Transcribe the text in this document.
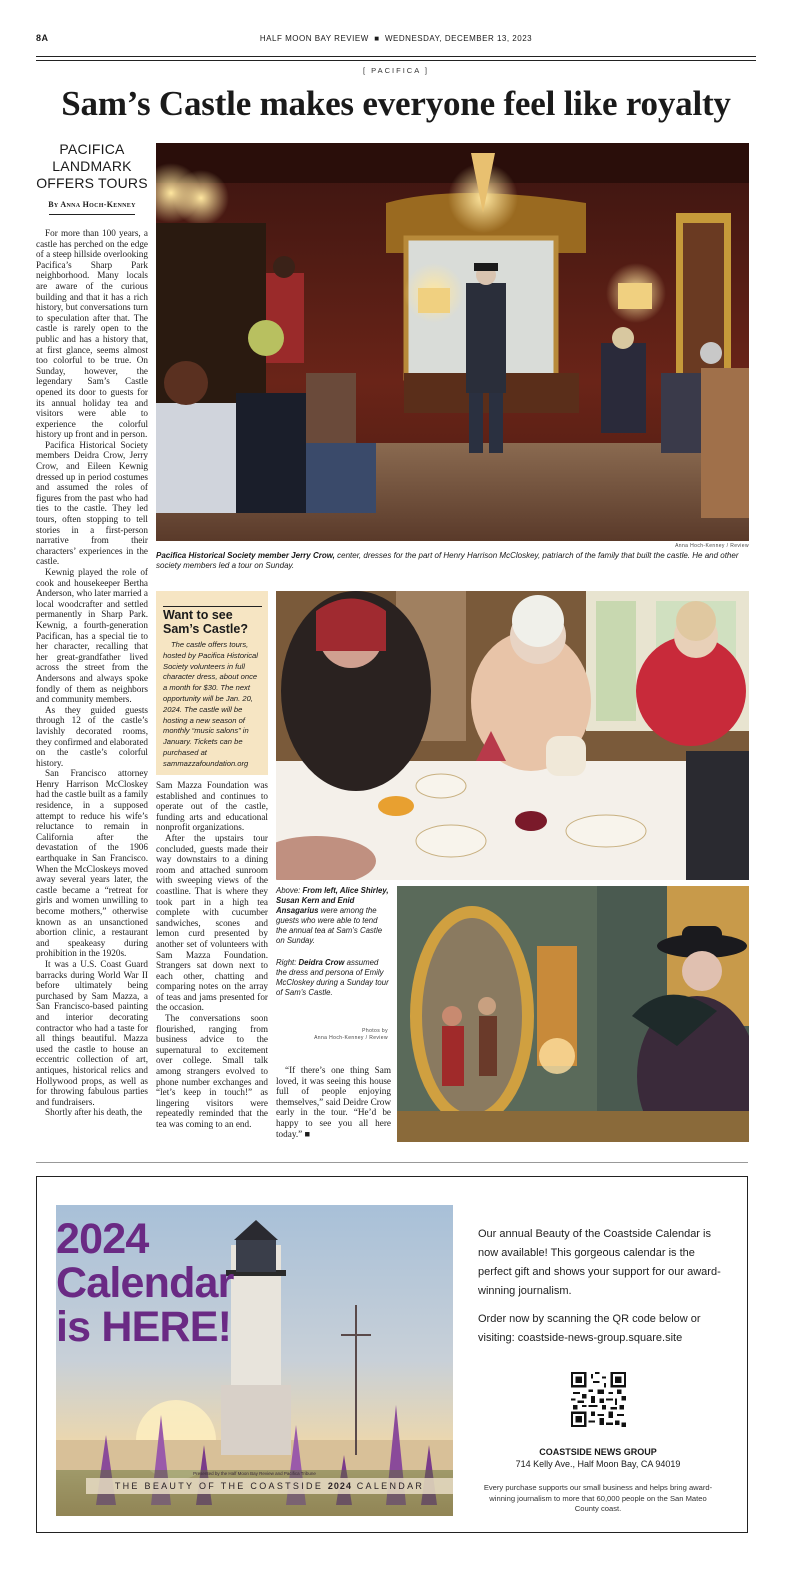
8A	HALF MOON BAY REVIEW  ■  WEDNESDAY, DECEMBER 13, 2023
[ PACIFICA ]
Sam’s Castle makes everyone feel like royalty
PACIFICA LANDMARK OFFERS TOURS
By Anna Hoch-Kenney

For more than 100 years, a castle has perched on the edge of a steep hillside overlooking Pacifica’s Sharp Park neighborhood. Many locals are aware of the curious building and that it has a rich history, but conversations turn to speculation after that. The castle is rarely open to the public and has a history that, at first glance, seems almost too colorful to be true. On Sunday, however, the legendary Sam’s Castle opened its door to guests for its annual holiday tea and visitors were able to experience the colorful history up front and in person.

Pacifica Historical Society members Deidra Crow, Jerry Crow, and Eileen Kewnig dressed up in period costumes and assumed the roles of figures from the past who had ties to the castle. They led tours, often stopping to tell stories in a first-person narrative from their characters’ experiences in the castle.

Kewnig played the role of cook and housekeeper Bertha Anderson, who later married a local woodcrafter and settled permanently in Sharp Park. Kewnig, a fourth-generation Pacifican, has a special tie to her character, recalling that her great-grandfather lived across the street from the Andersons and always spoke fondly of them as neighbors and community members.

As they guided guests through 12 of the castle’s lavishly decorated rooms, they confirmed and elaborated on the castle’s colorful history.

San Francisco attorney Henry Harrison McCloskey had the castle built as a family residence, in a supposed attempt to reduce his wife’s reluctance to remain in California after the devastation of the 1906 earthquake in San Francisco. When the McCloskeys moved away several years later, the castle became a “retreat for girls and women unwilling to become mothers,” otherwise known as an unsanctioned abortion clinic, a restaurant and speakeasy during prohibition in the 1920s.

It was a U.S. Coast Guard barracks during World War II before ultimately being purchased by Sam Mazza, a San Francisco-based painting and interior decorating contractor who had a taste for all things beautiful. Mazza used the castle to house an eccentric collection of art, antiques, historical relics and Hollywood props, as well as for throwing fabulous parties and fundraisers.

Shortly after his death, the

Anna Hoch-Kenney / Review
Pacifica Historical Society member Jerry Crow, center, dresses for the part of Henry Harrison McCloskey, patriarch of the family that built the castle. He and other society members led a tour on Sunday.
Want to see Sam’s Castle?
The castle offers tours, hosted by Pacifica Historical Society volunteers in full character dress, about once a month for $30. The next opportunity will be Jan. 20, 2024. The castle will be hosting a new season of monthly “music salons” in January. Tickets can be purchased at sammazzafoundation.org

Sam Mazza Foundation was established and continues to operate out of the castle, funding arts and educational nonprofit organizations.

After the upstairs tour concluded, guests made their way downstairs to a dining room and attached sunroom with sweeping views of the coastline. That is where they took part in a high tea complete with cucumber sandwiches, scones and lemon curd presented by another set of volunteers with Sam Mazza Foundation. Strangers sat down next to each other, chatting and comparing notes on the array of teas and jams presented for the occasion.

The conversations soon flourished, ranging from business advice to the supernatural to excitement over college. Small talk among strangers evolved to phone number exchanges and “let’s keep in touch!” as lingering visitors were repeatedly reminded that the tea was coming to an end.

Above: From left, Alice Shirley, Susan Kern and Enid Ansagarius were among the guests who were able to tend the annual tea at Sam’s Castle on Sunday.

Right: Deidra Crow assumed the dress and persona of Emily McCloskey during a Sunday tour of Sam’s Castle.

Photos by
Anna Hoch-Kenney / Review

“If there’s one thing Sam loved, it was seeing this house full of people enjoying themselves,” said Deidre Crow early in the tour. “He’d be happy to see you all here today.” ■

2024
Calendar
is HERE!
Presented by the Half Moon Bay Review and Pacifica Tribune
THE BEAUTY OF THE COASTSIDE 2024 CALENDAR
Our annual Beauty of the Coastside Calendar is now available! This gorgeous calendar is the perfect gift and shows your support for our award-winning journalism.
Order now by scanning the QR code below or visiting: coastside-news-group.square.site
COASTSIDE NEWS GROUP
714 Kelly Ave., Half Moon Bay, CA 94019
Every purchase supports our small business and helps bring award-winning journalism to more that 60,000 people on the San Mateo County coast.
